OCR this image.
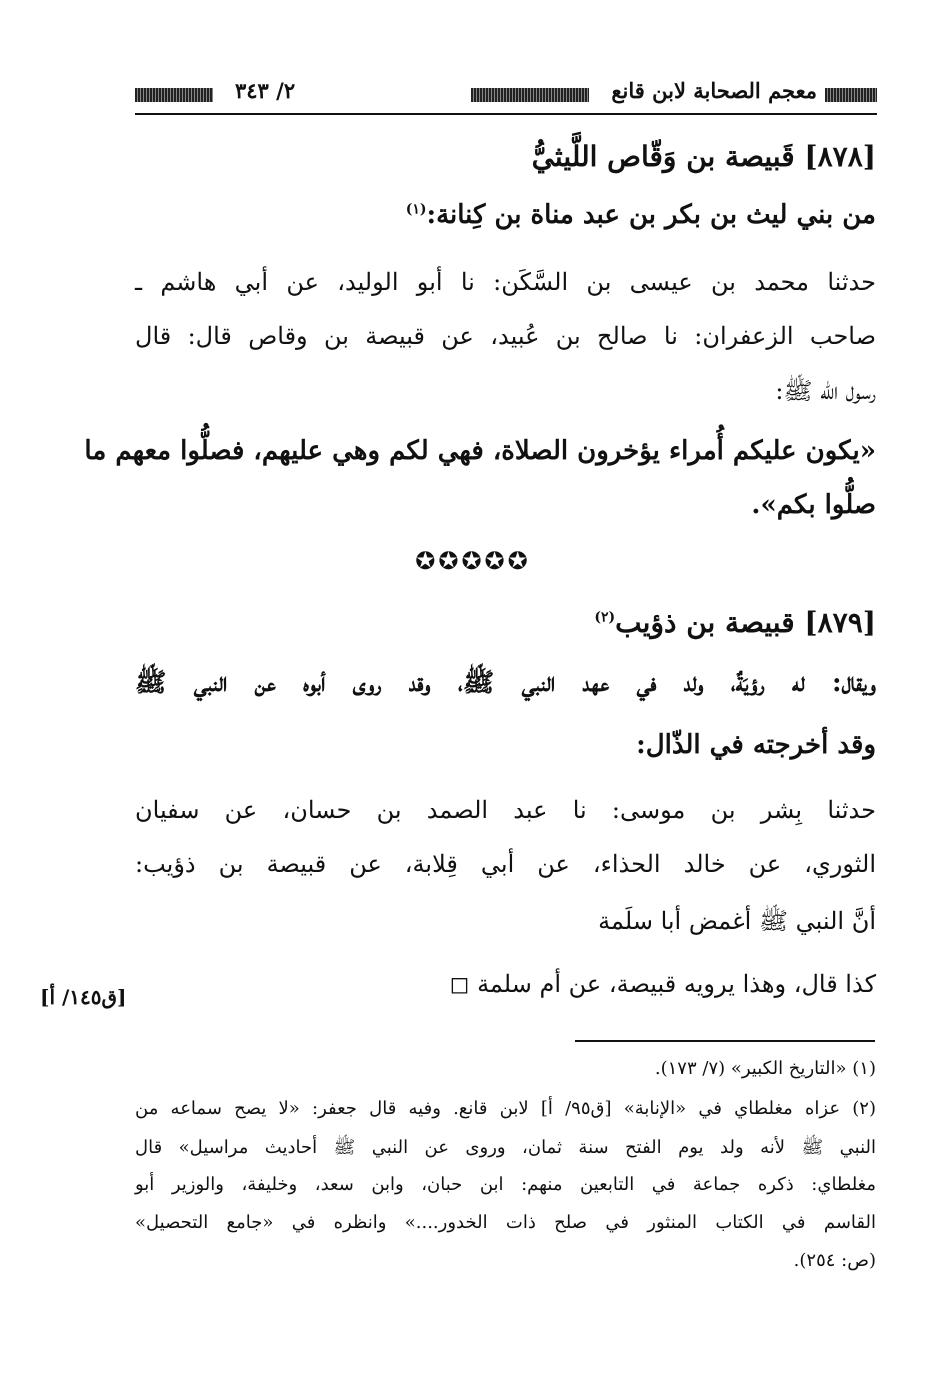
معجم الصحابة لابن قانع
٢/ ٣٤٣
[٨٧٨] قَبيصة بن وَقّاص اللَّيثيُّ
من بني ليث بن بكر بن عبد مناة بن كِنانة:$^{(١)}$
حدثنا محمد بن عيسى بن السَّكَن: نا أبو الوليد، عن أبي هاشم ـ
صاحب الزعفران: نا صالح بن عُبيد، عن قبيصة بن وقاص قال: قال
رسول الله ﷺ:
«يكون عليكم أُمراء يؤخرون الصلاة، فهي لكم وهي عليهم، فصلُّوا معهم ما
صلُّوا بكم».
✪✪✪✪✪
[٨٧٩] قبيصة بن ذؤيب$^{(٢)}$
ويقال: له رؤيَةٌ، ولد في عهد النبي ﷺ، وقد روى أبوه عن النبي ﷺ
وقد أخرجته في الذّال:
حدثنا بِشر بن موسى: نا عبد الصمد بن حسان، عن سفيان
الثوري، عن خالد الحذاء، عن أبي قِلابة، عن قبيصة بن ذؤيب:
أنَّ النبي ﷺ أغمض أبا سلَمة
كذا قال، وهذا يرويه قبيصة، عن أم سلمة ◻
[ق١٤٥/ أ]
(١) «التاريخ الكبير» (٧/ ١٧٣).
(٢) عزاه مغلطاي في «الإنابة» [ق٩٥/ أ] لابن قانع. وفيه قال جعفر: «لا يصح سماعه من
النبي ﷺ لأنه ولد يوم الفتح سنة ثمان، وروى عن النبي ﷺ أحاديث مراسيل» قال
مغلطاي: ذكره جماعة في التابعين منهم: ابن حبان، وابن سعد، وخليفة، والوزير أبو
القاسم في الكتاب المنثور في صلح ذات الخدور....» وانظره في «جامع التحصيل»
(ص: ٢٥٤).
